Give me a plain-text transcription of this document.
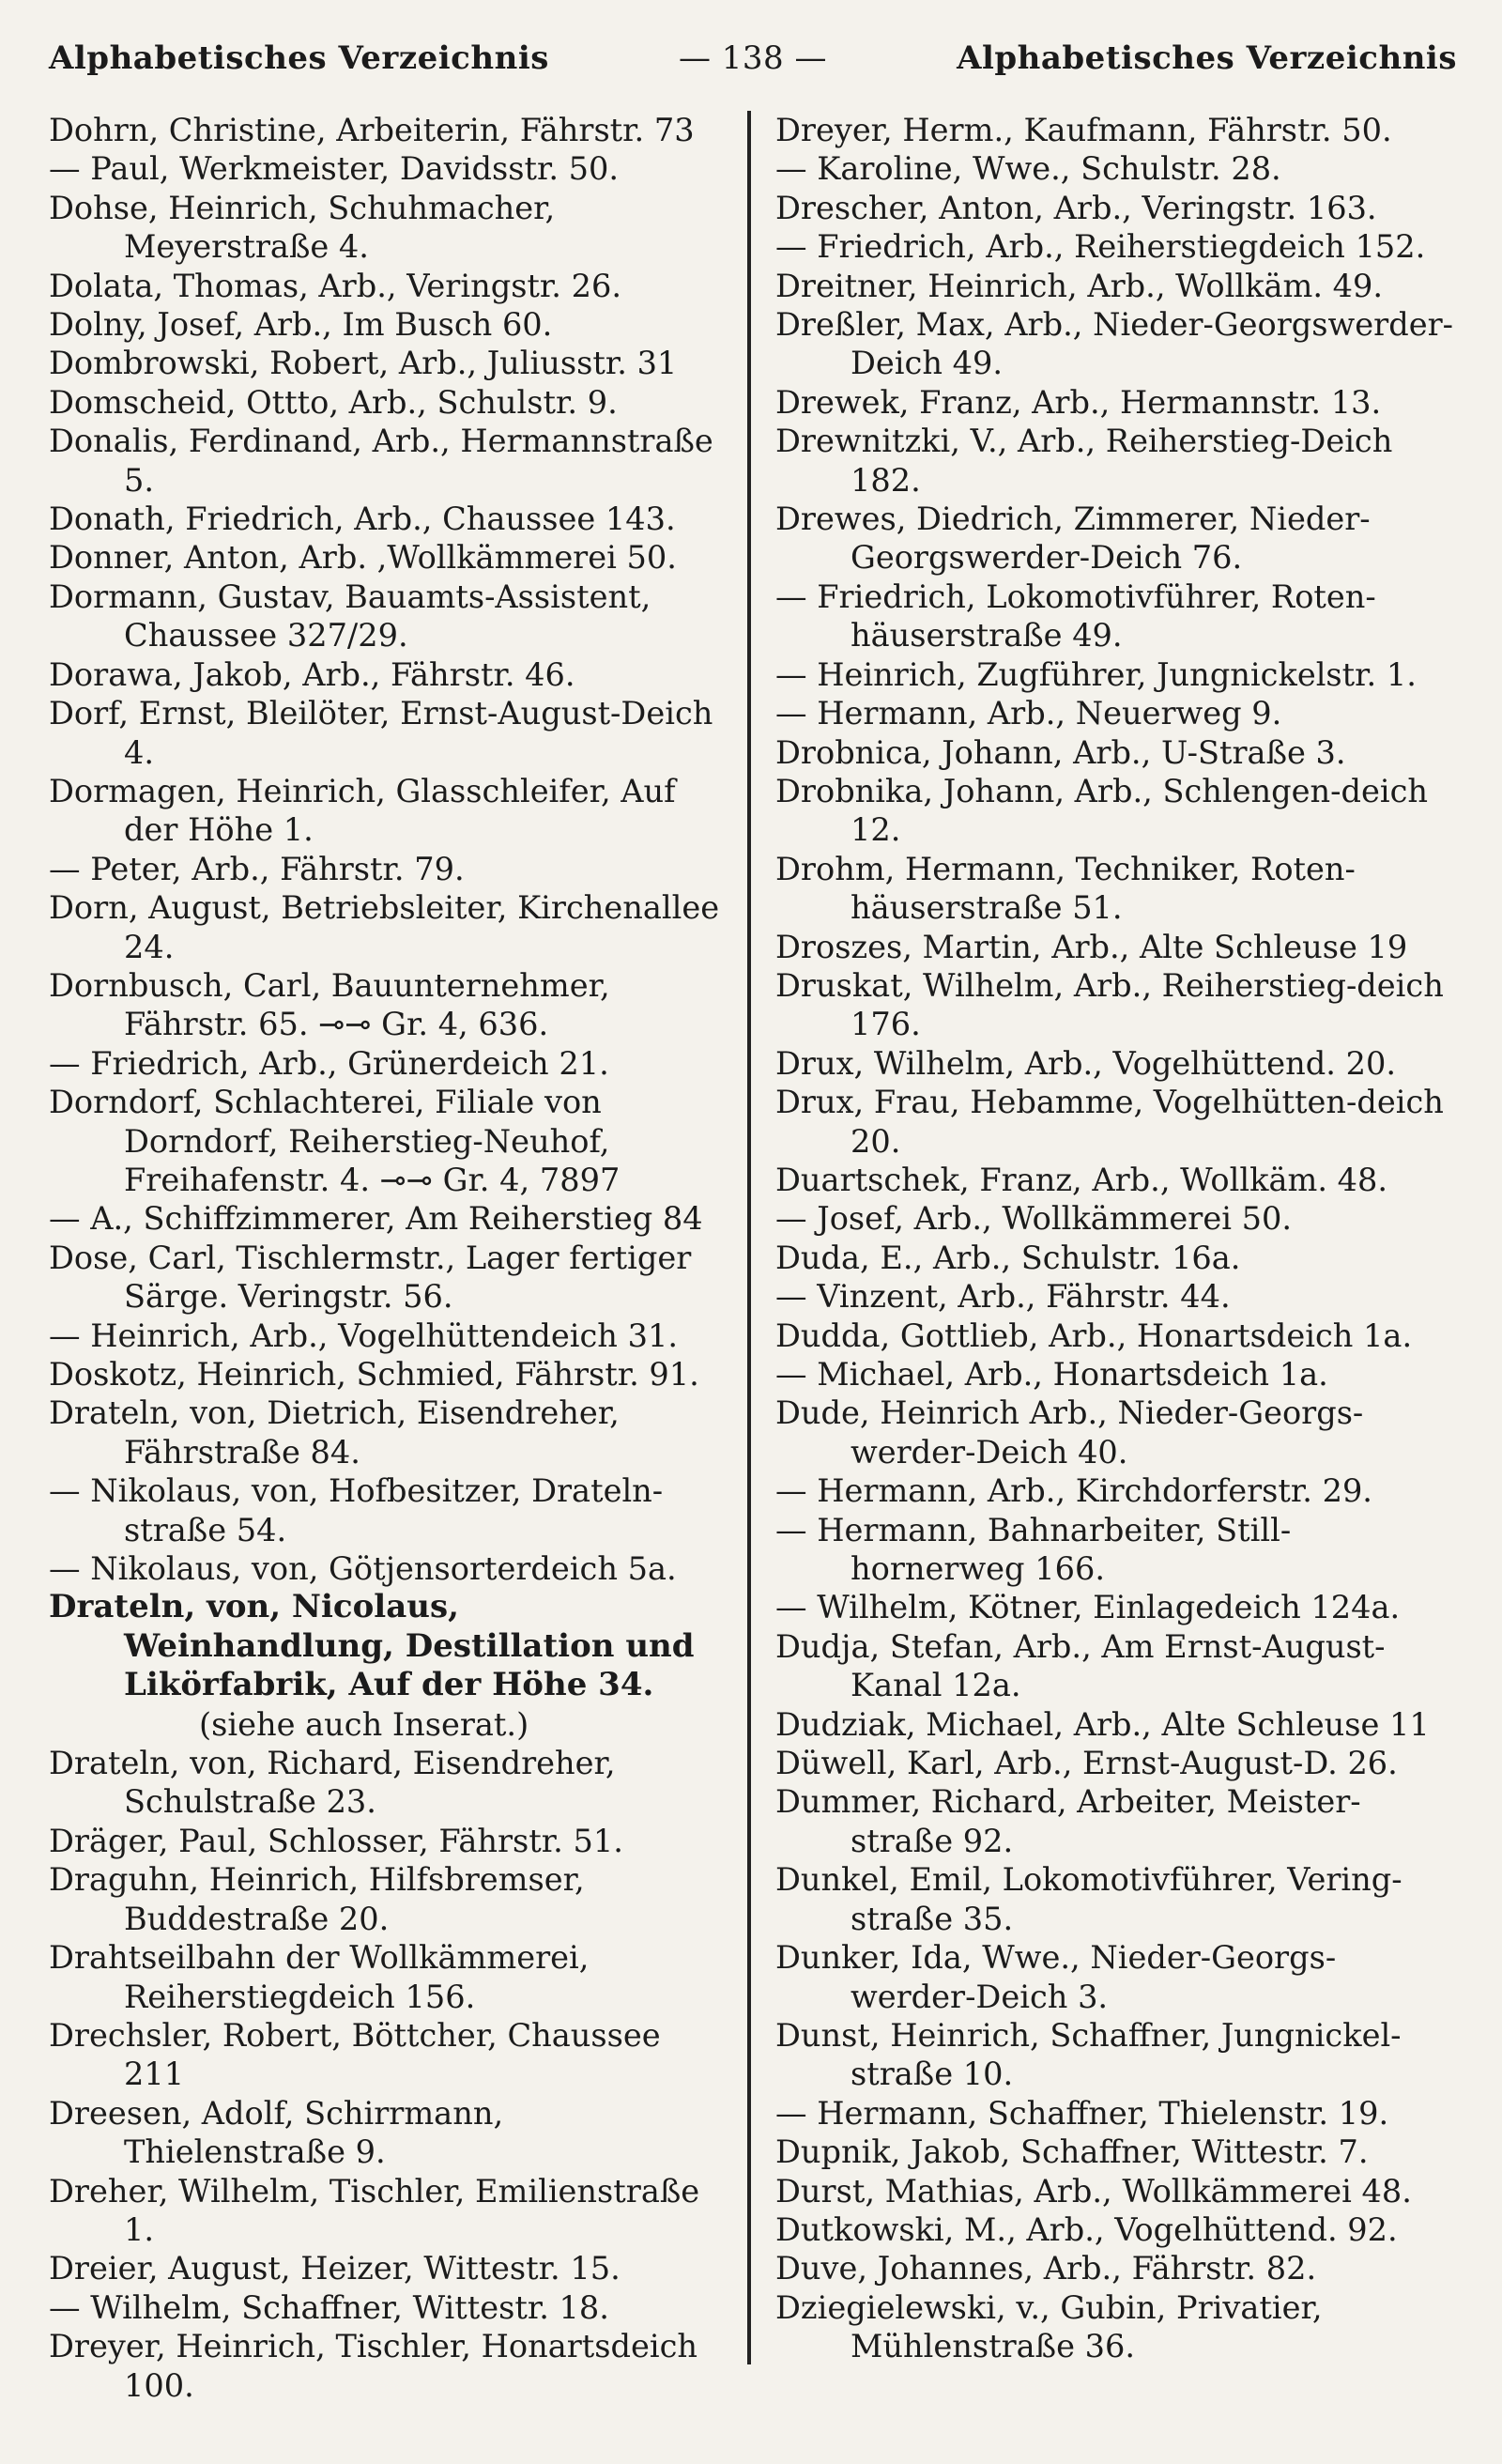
Alphabetisches Verzeichnis	— 138 —	Alphabetisches Verzeichnis
Dohrn, Christine, Arbeiterin, Fährstr. 73
— Paul, Werkmeister, Davidsstr. 50.
Dohse, Heinrich, Schuhmacher, Meyerstraße 4.
Dolata, Thomas, Arb., Veringstr. 26.
Dolny, Josef, Arb., Im Busch 60.
Dombrowski, Robert, Arb., Juliusstr. 31
Domscheid, Ottto, Arb., Schulstr. 9.
Donalis, Ferdinand, Arb., Hermannstraße 5.
Donath, Friedrich, Arb., Chaussee 143.
Donner, Anton, Arb. ,Wollkämmerei 50.
Dormann, Gustav, Bauamts-Assistent, Chaussee 327/29.
Dorawa, Jakob, Arb., Fährstr. 46.
Dorf, Ernst, Bleilöter, Ernst-August-Deich 4.
Dormagen, Heinrich, Glasschleifer, Auf der Höhe 1.
— Peter, Arb., Fährstr. 79.
Dorn, August, Betriebsleiter, Kirchenallee 24.
Dornbusch, Carl, Bauunternehmer, Fährstr. 65. ⊸⊸ Gr. 4, 636.
— Friedrich, Arb., Grünerdeich 21.
Dorndorf, Schlachterei, Filiale von Dorndorf, Reiherstieg-Neuhof, Freihafenstr. 4. ⊸⊸ Gr. 4, 7897
— A., Schiffzimmerer, Am Reiherstieg 84
Dose, Carl, Tischlermstr., Lager fertiger Särge. Veringstr. 56.
— Heinrich, Arb., Vogelhüttendeich 31.
Doskotz, Heinrich, Schmied, Fährstr. 91.
Drateln, von, Dietrich, Eisendreher, Fährstraße 84.
— Nikolaus, von, Hofbesitzer, Drateln-straße 54.
— Nikolaus, von, Götjensorterdeich 5a.
Drateln, von, Nicolaus, Weinhandlung, Destillation und Likörfabrik, Auf der Höhe 34.
(siehe auch Inserat.)
Drateln, von, Richard, Eisendreher, Schulstraße 23.
Dräger, Paul, Schlosser, Fährstr. 51.
Draguhn, Heinrich, Hilfsbremser, Buddestraße 20.
Drahtseilbahn der Wollkämmerei, Reiherstiegdeich 156.
Drechsler, Robert, Böttcher, Chaussee 211
Dreesen, Adolf, Schirrmann, Thielenstraße 9.
Dreher, Wilhelm, Tischler, Emilienstraße 1.
Dreier, August, Heizer, Wittestr. 15.
— Wilhelm, Schaffner, Wittestr. 18.
Dreyer, Heinrich, Tischler, Honartsdeich 100.
Dreyer, Herm., Kaufmann, Fährstr. 50.
— Karoline, Wwe., Schulstr. 28.
Drescher, Anton, Arb., Veringstr. 163.
— Friedrich, Arb., Reiherstiegdeich 152.
Dreitner, Heinrich, Arb., Wollkäm. 49.
Dreßler, Max, Arb., Nieder-Georgswerder-Deich 49.
Drewek, Franz, Arb., Hermannstr. 13.
Drewnitzki, V., Arb., Reiherstieg-Deich 182.
Drewes, Diedrich, Zimmerer, Nieder-Georgswerder-Deich 76.
— Friedrich, Lokomotivführer, Roten-häuserstraße 49.
— Heinrich, Zugführer, Jungnickelstr. 1.
— Hermann, Arb., Neuerweg 9.
Drobnica, Johann, Arb., U-Straße 3.
Drobnika, Johann, Arb., Schlengen-deich 12.
Drohm, Hermann, Techniker, Roten-häuserstraße 51.
Droszes, Martin, Arb., Alte Schleuse 19
Druskat, Wilhelm, Arb., Reiherstieg-deich 176.
Drux, Wilhelm, Arb., Vogelhüttend. 20.
Drux, Frau, Hebamme, Vogelhütten-deich 20.
Duartschek, Franz, Arb., Wollkäm. 48.
— Josef, Arb., Wollkämmerei 50.
Duda, E., Arb., Schulstr. 16a.
— Vinzent, Arb., Fährstr. 44.
Dudda, Gottlieb, Arb., Honartsdeich 1a.
— Michael, Arb., Honartsdeich 1a.
Dude, Heinrich Arb., Nieder-Georgs-werder-Deich 40.
— Hermann, Arb., Kirchdorferstr. 29.
— Hermann, Bahnarbeiter, Still-hornerweg 166.
— Wilhelm, Kötner, Einlagedeich 124a.
Dudja, Stefan, Arb., Am Ernst-August-Kanal 12a.
Dudziak, Michael, Arb., Alte Schleuse 11
Düwell, Karl, Arb., Ernst-August-D. 26.
Dummer, Richard, Arbeiter, Meister-straße 92.
Dunkel, Emil, Lokomotivführer, Vering-straße 35.
Dunker, Ida, Wwe., Nieder-Georgs-werder-Deich 3.
Dunst, Heinrich, Schaffner, Jungnickel-straße 10.
— Hermann, Schaffner, Thielenstr. 19.
Dupnik, Jakob, Schaffner, Wittestr. 7.
Durst, Mathias, Arb., Wollkämmerei 48.
Dutkowski, M., Arb., Vogelhüttend. 92.
Duve, Johannes, Arb., Fährstr. 82.
Dziegielewski, v., Gubin, Privatier, Mühlenstraße 36.
